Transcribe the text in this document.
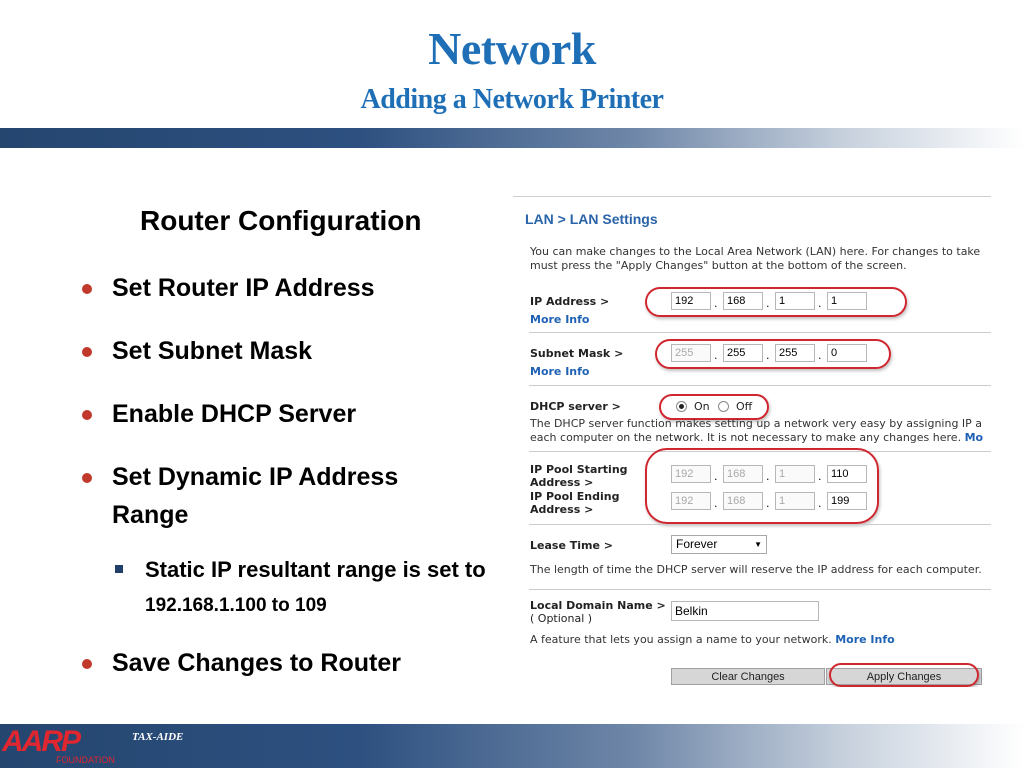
Network
Adding a Network Printer
Router Configuration
Set Router IP Address
Set Subnet Mask
Enable DHCP Server
Set Dynamic IP Address Range
Save Changes to Router
Static IP resultant range is set to 192.168.1.100 to 109
LAN > LAN Settings
You can make changes to the Local Area Network (LAN) here. For changes to take
must press the "Apply Changes" button at the bottom of the screen.
IP Address >
More Info
192	. 168	. 1	. 1
Subnet Mask >
More Info
255	. 255	. 255	. 0
DHCP server >	On Off
The DHCP server function makes setting up a network very easy by assigning IP a
each computer on the network. It is not necessary to make any changes here. Mo
IP Pool Starting
Address >
192	. 168	. 1	. 110
IP Pool Ending
Address >
192	. 168	. 1	. 199
Lease Time >	Forever	▼
The length of time the DHCP server will reserve the IP address for each computer.
Local Domain Name >
( Optional )
Belkin
A feature that lets you assign a name to your network. More Info
Clear Changes	Apply Changes
AARP
FOUNDATION
TAX-AIDE
